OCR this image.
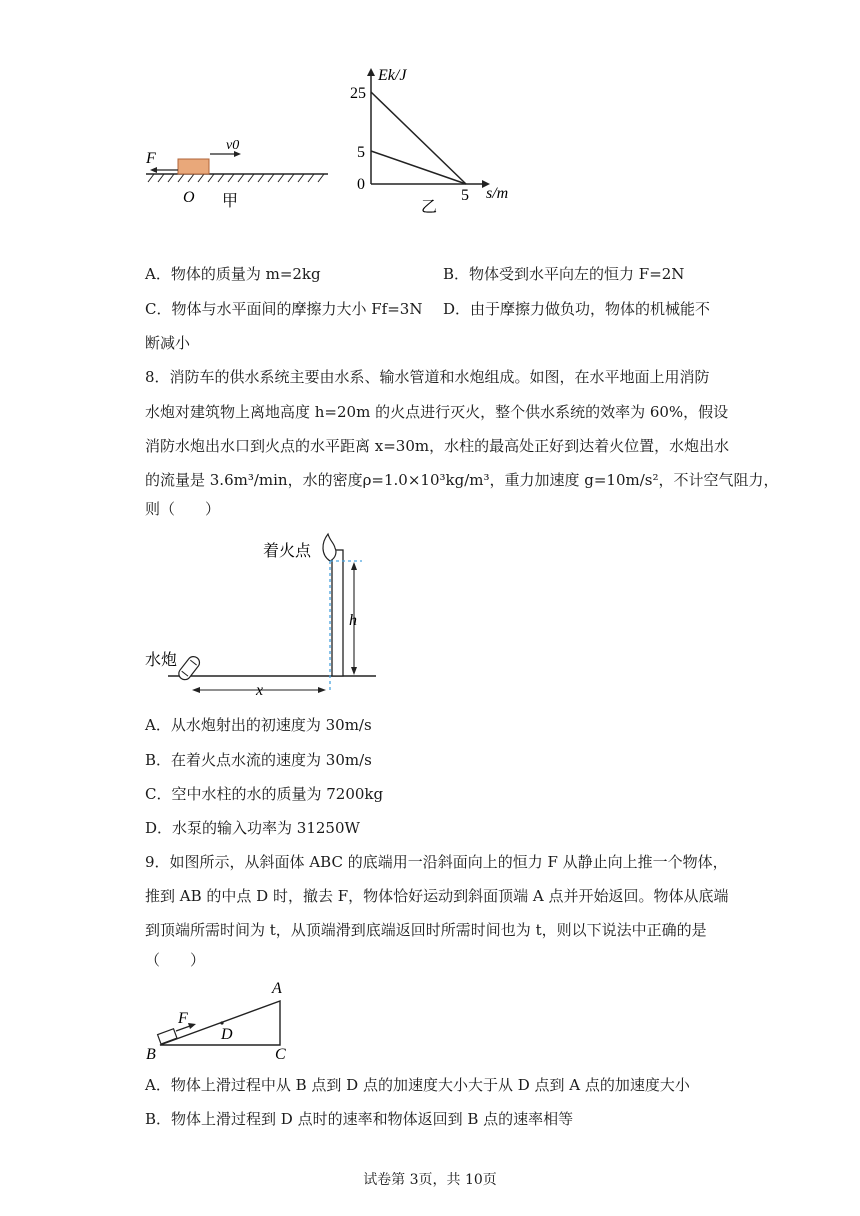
F
v0
O 甲
Ek/J
s/m
25
5
0
5
乙
A．物体的质量为 m=2kg	B．物体受到水平向左的恒力 F=2N
C．物体与水平面间的摩擦力大小 Ff=3N D．由于摩擦力做负功，物体的机械能不
断减小
8．消防车的供水系统主要由水系、输水管道和水炮组成。如图，在水平地面上用消防
水炮对建筑物上离地高度 h=20m 的火点进行灭火，整个供水系统的效率为 60%，假设
消防水炮出水口到火点的水平距离 x=30m，水柱的最高处正好到达着火位置，水炮出水
的流量是 3.6m³/min，水的密度ρ=1.0×10³kg/m³，重力加速度 g=10m/s²，不计空气阻力，
则（　　）
h
x
着火点
水炮
A．从水炮射出的初速度为 30m/s
B．在着火点水流的速度为 30m/s
C．空中水柱的水的质量为 7200kg
D．水泵的输入功率为 31250W
9．如图所示，从斜面体 ABC 的底端用一沿斜面向上的恒力 F 从静止向上推一个物体，
推到 AB 的中点 D 时，撤去 F，物体恰好运动到斜面顶端 A 点并开始返回。物体从底端
到顶端所需时间为 t，从顶端滑到底端返回时所需时间也为 t，则以下说法中正确的是
（　　）
F
D
A
B	C
A．物体上滑过程中从 B 点到 D 点的加速度大小大于从 D 点到 A 点的加速度大小
B．物体上滑过程到 D 点时的速率和物体返回到 B 点的速率相等
试卷第 3页，共 10页
